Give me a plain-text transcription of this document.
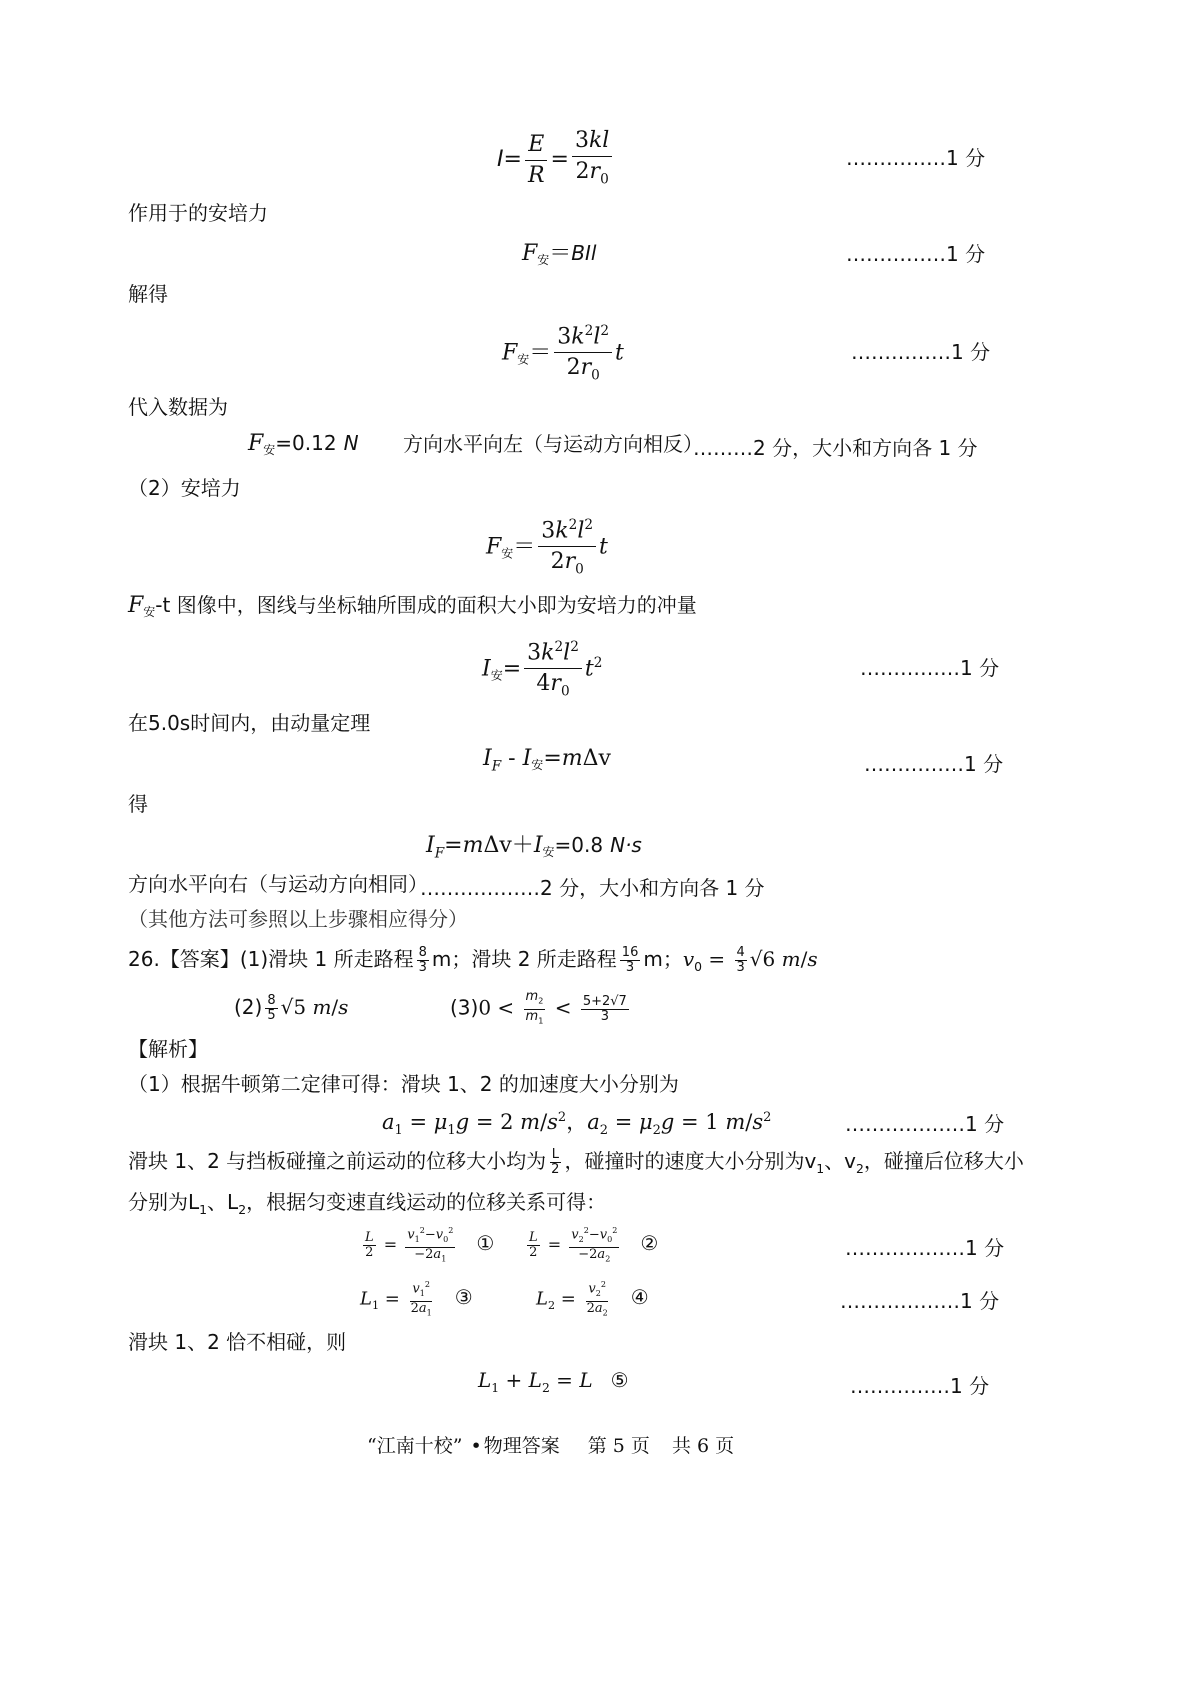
$I= \frac{E}{R} = \frac{3kl}{2r_0}$	……………1 分
作用于的安培力
F安＝BIl	……………1 分
解得
F安＝ $\frac{3k^2l^2}{2r_0}$ t	……………1 分
代入数据为
F安=0.12 N 方向水平向左（与运动方向相反）
………2 分，大小和方向各 1 分
（2）安培力
F安＝ $\frac{3k^2l^2}{2r_0}$ t
$F_安-t$ 图像中，图线与坐标轴所围成的面积大小即为安培力的冲量
I安= $\frac{3k^2l^2}{4r_0} t^2$	……………1 分
在5.0s时间内，由动量定理
$I_F$ - I安=mΔv	……………1 分
得
$I_F=m\Delta v+I$安=0.8 N·s
方向水平向右（与运动方向相同）
………………2 分，大小和方向各 1 分
（其他方法可参照以上步骤相应得分）
26.【答案】(1)滑块 1 所走路程 $\frac{8}{3}$ m；滑块 2 所走路程 $\frac{16}{3}$ m；$v_0 = \frac{4}{3} √6$ m/s
$(2) \frac{8}{5} √5$ m/s	$(3)0 < \frac{m_2}{m_1} < \frac{5+2√7}{3}$
【解析】
（1）根据牛顿第二定律可得：滑块 1、2 的加速度大小分别为
$a_1 = \mu_1g = 2$ $m/s^2$，$a_2 = \mu_2g = 1$ $m/s^2$	………………1 分
滑块 1、2 与挡板碰撞之前运动的位移大小均为 $\frac{L}{2}$ ，碰撞时的速度大小分别为$v_1$、$v_2$，碰撞后位移大小
分别为$L_1$、$L_2$，根据匀变速直线运动的位移关系可得：
$\frac{L}{2} = \frac{v_1^2-v_0^2}{-2a_1}$ ①	$\frac{L}{2} = \frac{v_2^2-v_0^2}{-2a_2}$ ②	………………1 分
$L_1 = \frac{v_1^2}{2a_1}$ ③	$L_2 = \frac{v_2^2}{2a_2}$ ④	………………1 分
滑块 1、2 恰不相碰，则
$L_1 + L_2 = L$ ⑤	……………1 分
“江南十校” • 物理答案 第 5 页 共 6 页
